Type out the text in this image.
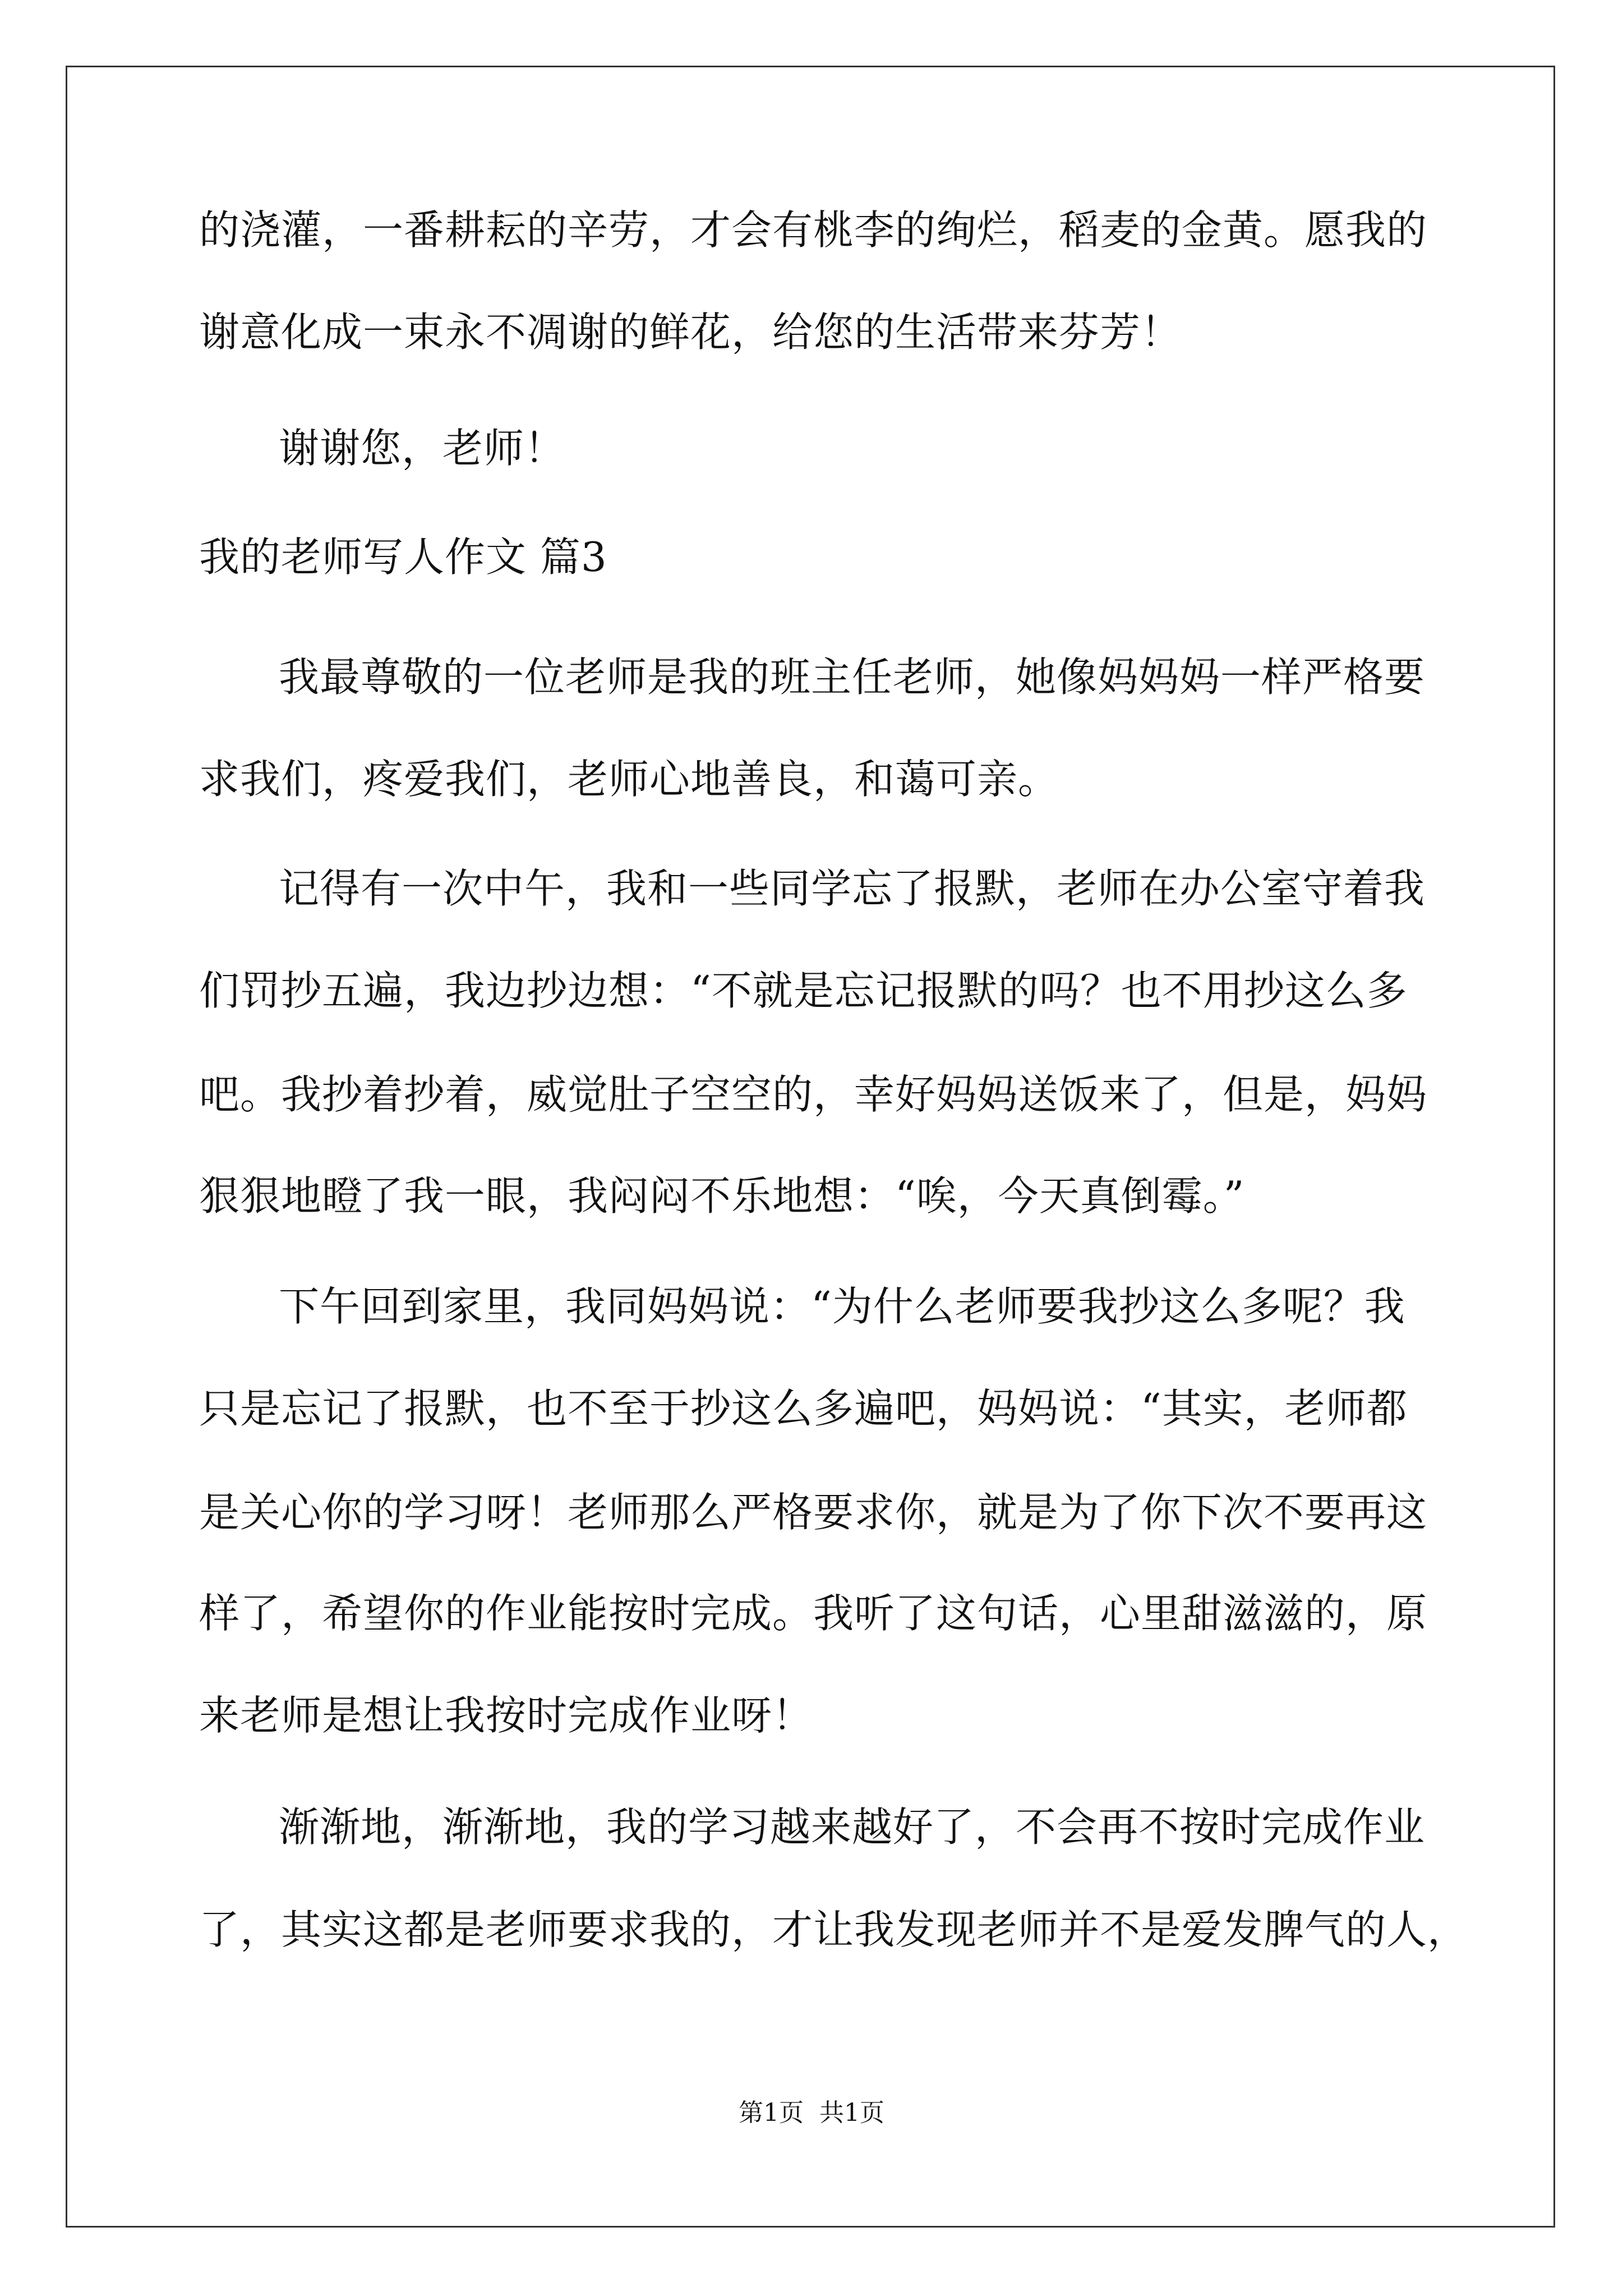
的浇灌，一番耕耘的辛劳，才会有桃李的绚烂，稻麦的金黄。愿我的
谢意化成一束永不凋谢的鲜花，给您的生活带来芬芳！
谢谢您，老师！
我的老师写人作文 篇3
我最尊敬的一位老师是我的班主任老师，她像妈妈妈一样严格要
求我们，疼爱我们，老师心地善良，和蔼可亲。
记得有一次中午，我和一些同学忘了报默，老师在办公室守着我
们罚抄五遍，我边抄边想：“不就是忘记报默的吗？也不用抄这么多
吧。我抄着抄着，威觉肚子空空的，幸好妈妈送饭来了，但是，妈妈
狠狠地瞪了我一眼，我闷闷不乐地想：“唉，今天真倒霉。”
下午回到家里，我同妈妈说：“为什么老师要我抄这么多呢？我
只是忘记了报默，也不至于抄这么多遍吧，妈妈说：“其实，老师都
是关心你的学习呀！老师那么严格要求你，就是为了你下次不要再这
样了，希望你的作业能按时完成。我听了这句话，心里甜滋滋的，原
来老师是想让我按时完成作业呀！
渐渐地，渐渐地，我的学习越来越好了，不会再不按时完成作业
了，其实这都是老师要求我的，才让我发现老师并不是爱发脾气的人，
第1页 共1页
